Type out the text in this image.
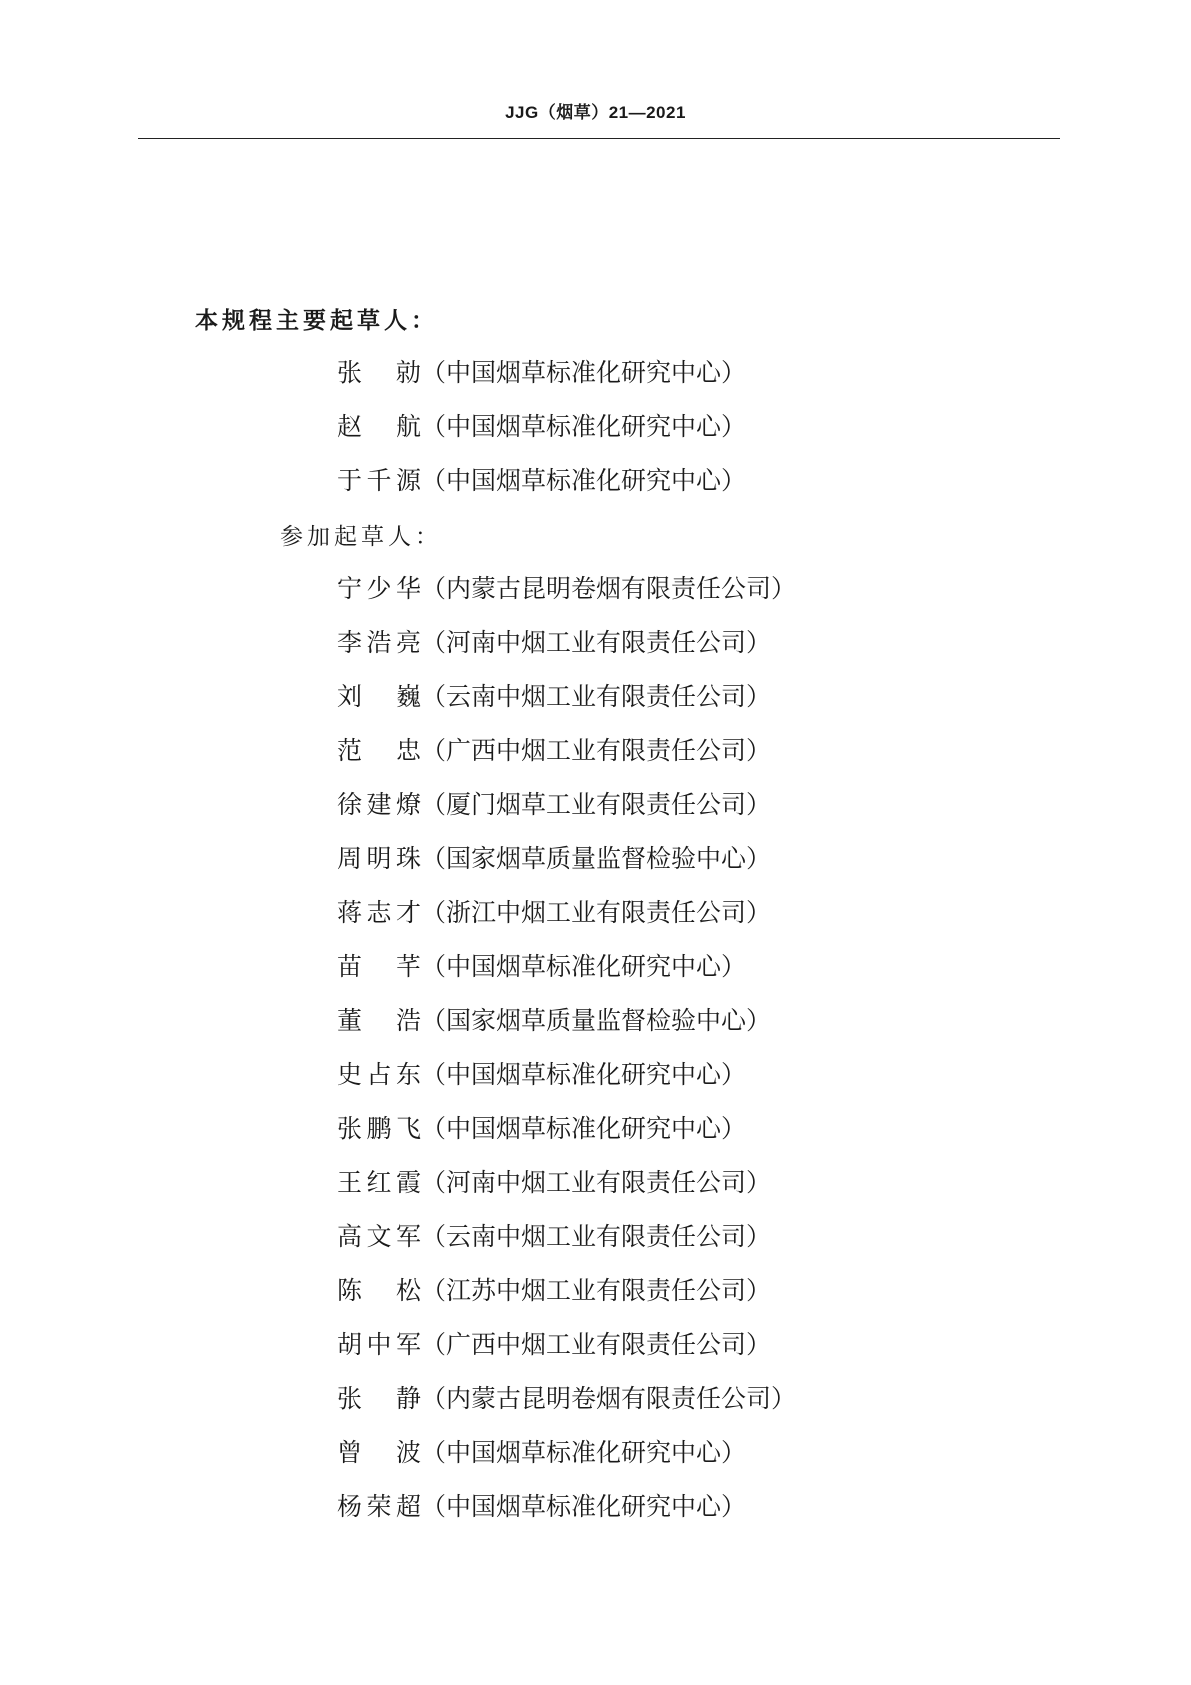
JJG（烟草）21—2021
本规程主要起草人：
张　勍 （中国烟草标准化研究中心）
赵　航 （中国烟草标准化研究中心）
于千源 （中国烟草标准化研究中心）
参加起草人：
宁少华 （内蒙古昆明卷烟有限责任公司）
李浩亮 （河南中烟工业有限责任公司）
刘　巍 （云南中烟工业有限责任公司）
范　忠 （广西中烟工业有限责任公司）
徐建燎 （厦门烟草工业有限责任公司）
周明珠 （国家烟草质量监督检验中心）
蒋志才 （浙江中烟工业有限责任公司）
苗　芊 （中国烟草标准化研究中心）
董　浩 （国家烟草质量监督检验中心）
史占东 （中国烟草标准化研究中心）
张鹏飞 （中国烟草标准化研究中心）
王红霞 （河南中烟工业有限责任公司）
高文军 （云南中烟工业有限责任公司）
陈　松 （江苏中烟工业有限责任公司）
胡中军 （广西中烟工业有限责任公司）
张　静 （内蒙古昆明卷烟有限责任公司）
曾　波 （中国烟草标准化研究中心）
杨荣超 （中国烟草标准化研究中心）
